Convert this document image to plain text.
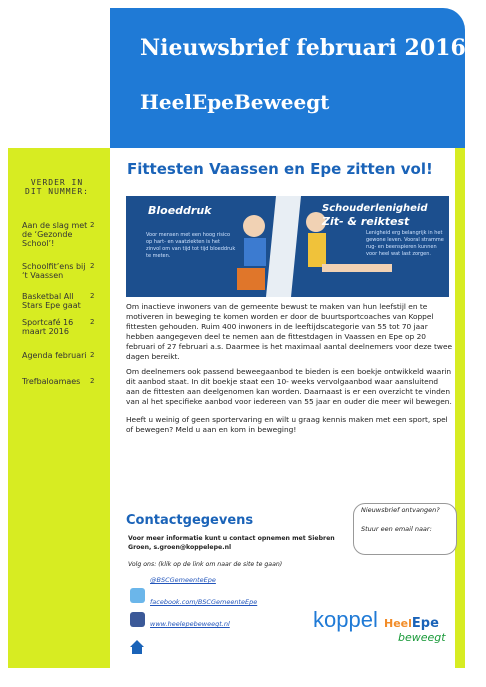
Nieuwsbrief februari 2016
HeelEpeBeweegt
VERDER IN DIT NUMMER:
Aan de slag met de ‘Gezonde School’!
2
Schoolfit’ens bij ‘t Vaassen
2
Basketbal All Stars Epe gaat
2
Sportcafé 16 maart 2016
2
Agenda februari 2
Trefbaloamaes	2
Fittesten Vaassen en Epe zitten vol!
Bloeddruk
Voor mensen met een hoog risico op hart- en vaatziekten is het zinvol om van tijd tot tijd bloeddruk te meten.
Schouderlenigheid
Zit- & reiktest
Lenigheid erg belangrijk in het gewone leven. Vooral stramme rug- en beenspieren kunnen voor heel wat last zorgen.
Om inactieve inwoners van de gemeente bewust te maken van hun leefstijl en te motiveren in beweging te komen worden er door de buurtsportcoaches van Koppel fittesten gehouden. Ruim 400 inwoners in de leeftijdscategorie van 55 tot 70 jaar hebben aangegeven deel te nemen aan de fittestdagen in Vaassen en Epe op 20 februari of 27 februari a.s. Daarmee is het maximaal aantal deelnemers voor deze twee dagen bereikt.
Om deelnemers ook passend beweegaanbod te bieden is een boekje ontwikkeld waarin dit aanbod staat. In dit boekje staat een 10- weeks vervolgaanbod waar aansluitend aan de fittesten aan deelgenomen kan worden. Daarnaast is er een overzicht te vinden van al het specifieke aanbod voor iedereen van 55 jaar en ouder die meer wil bewegen.
Heeft u weinig of geen sportervaring en wilt u graag kennis maken met een sport, spel of bewegen? Meld u aan en kom in beweging!
Contactgegevens
Voor meer informatie kunt u contact opnemen met Siebren Groen, s.groen@koppelepe.nl
Volg ons: (klik op de link om naar de site te gaan)
@BSCGemeenteEpe
facebook.com/BSCGemeenteEpe
www.heelepebeweegt.nl
Nieuwsbrief ontvangen?
Stuur een email naar:
koppel HeelEpe
beweegt
